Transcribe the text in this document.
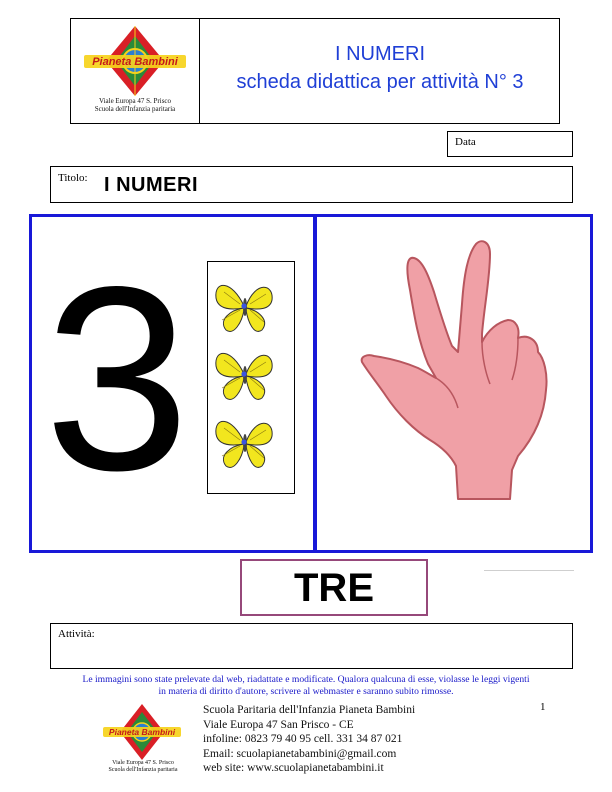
Pianeta Bambini
Viale Europa 47 S. Prisco
Scuola dell'Infanzia paritaria
I NUMERI
scheda didattica per attività N° 3
Data
Titolo: I NUMERI
3
TRE
Attività:
Le immagini sono state prelevate dal web, riadattate e modificate. Qualora qualcuna di esse, violasse le leggi vigenti
in materia di diritto d'autore, scrivere al webmaster e saranno subito rimosse.
Pianeta Bambini
Viale Europa 47 S. Prisco
Scuola dell'Infanzia paritaria
Scuola Paritaria dell'Infanzia Pianeta Bambini
Viale Europa 47 San Prisco - CE
infoline: 0823 79 40 95 cell. 331 34 87 021
Email: scuolapianetabambini@gmail.com
web site: www.scuolapianetabambini.it
1
